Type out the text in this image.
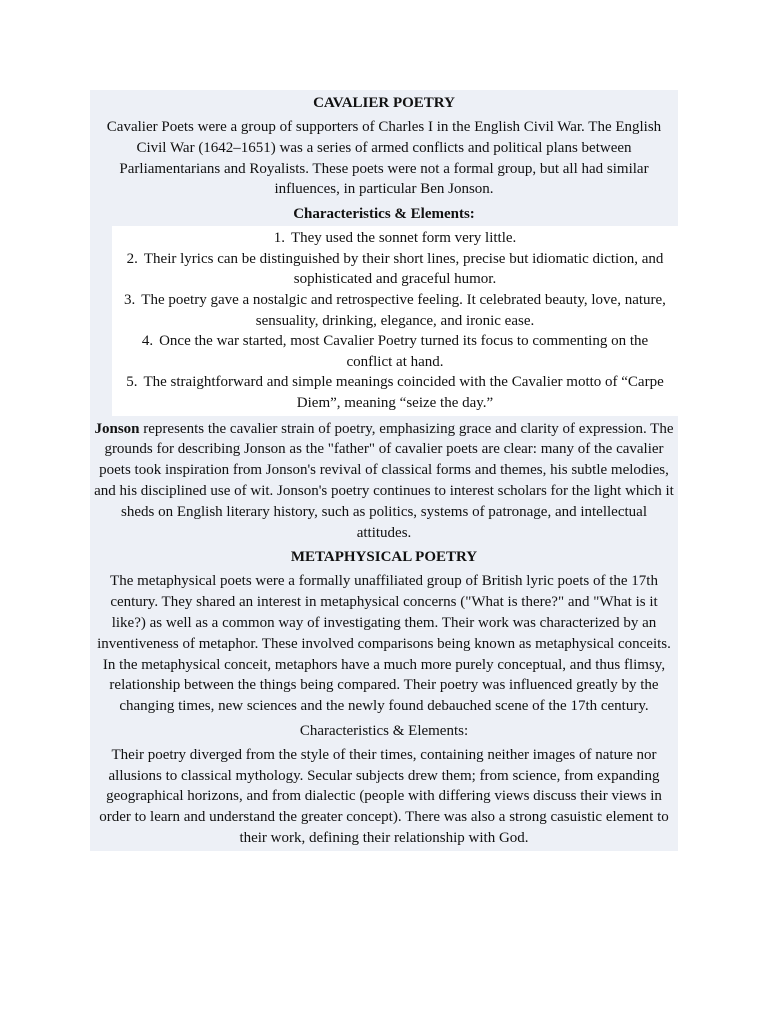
CAVALIER POETRY
Cavalier Poets were a group of supporters of Charles I in the English Civil War. The English Civil War (1642–1651) was a series of armed conflicts and political plans between Parliamentarians and Royalists. These poets were not a formal group, but all had similar influences, in particular Ben Jonson.
Characteristics & Elements:
1. They used the sonnet form very little.
2. Their lyrics can be distinguished by their short lines, precise but idiomatic diction, and sophisticated and graceful humor.
3. The poetry gave a nostalgic and retrospective feeling. It celebrated beauty, love, nature, sensuality, drinking, elegance, and ironic ease.
4. Once the war started, most Cavalier Poetry turned its focus to commenting on the conflict at hand.
5. The straightforward and simple meanings coincided with the Cavalier motto of “Carpe Diem”, meaning “seize the day.”
Jonson represents the cavalier strain of poetry, emphasizing grace and clarity of expression. The grounds for describing Jonson as the "father" of cavalier poets are clear: many of the cavalier poets took inspiration from Jonson's revival of classical forms and themes, his subtle melodies, and his disciplined use of wit. Jonson's poetry continues to interest scholars for the light which it sheds on English literary history, such as politics, systems of patronage, and intellectual attitudes.
METAPHYSICAL POETRY
The metaphysical poets were a formally unaffiliated group of British lyric poets of the 17th century. They shared an interest in metaphysical concerns ("What is there?" and "What is it like?) as well as a common way of investigating them. Their work was characterized by an inventiveness of metaphor. These involved comparisons being known as metaphysical conceits. In the metaphysical conceit, metaphors have a much more purely conceptual, and thus flimsy, relationship between the things being compared. Their poetry was influenced greatly by the changing times, new sciences and the newly found debauched scene of the 17th century.
Characteristics & Elements:
Their poetry diverged from the style of their times, containing neither images of nature nor allusions to classical mythology. Secular subjects drew them; from science, from expanding geographical horizons, and from dialectic (people with differing views discuss their views in order to learn and understand the greater concept). There was also a strong casuistic element to their work, defining their relationship with God.
